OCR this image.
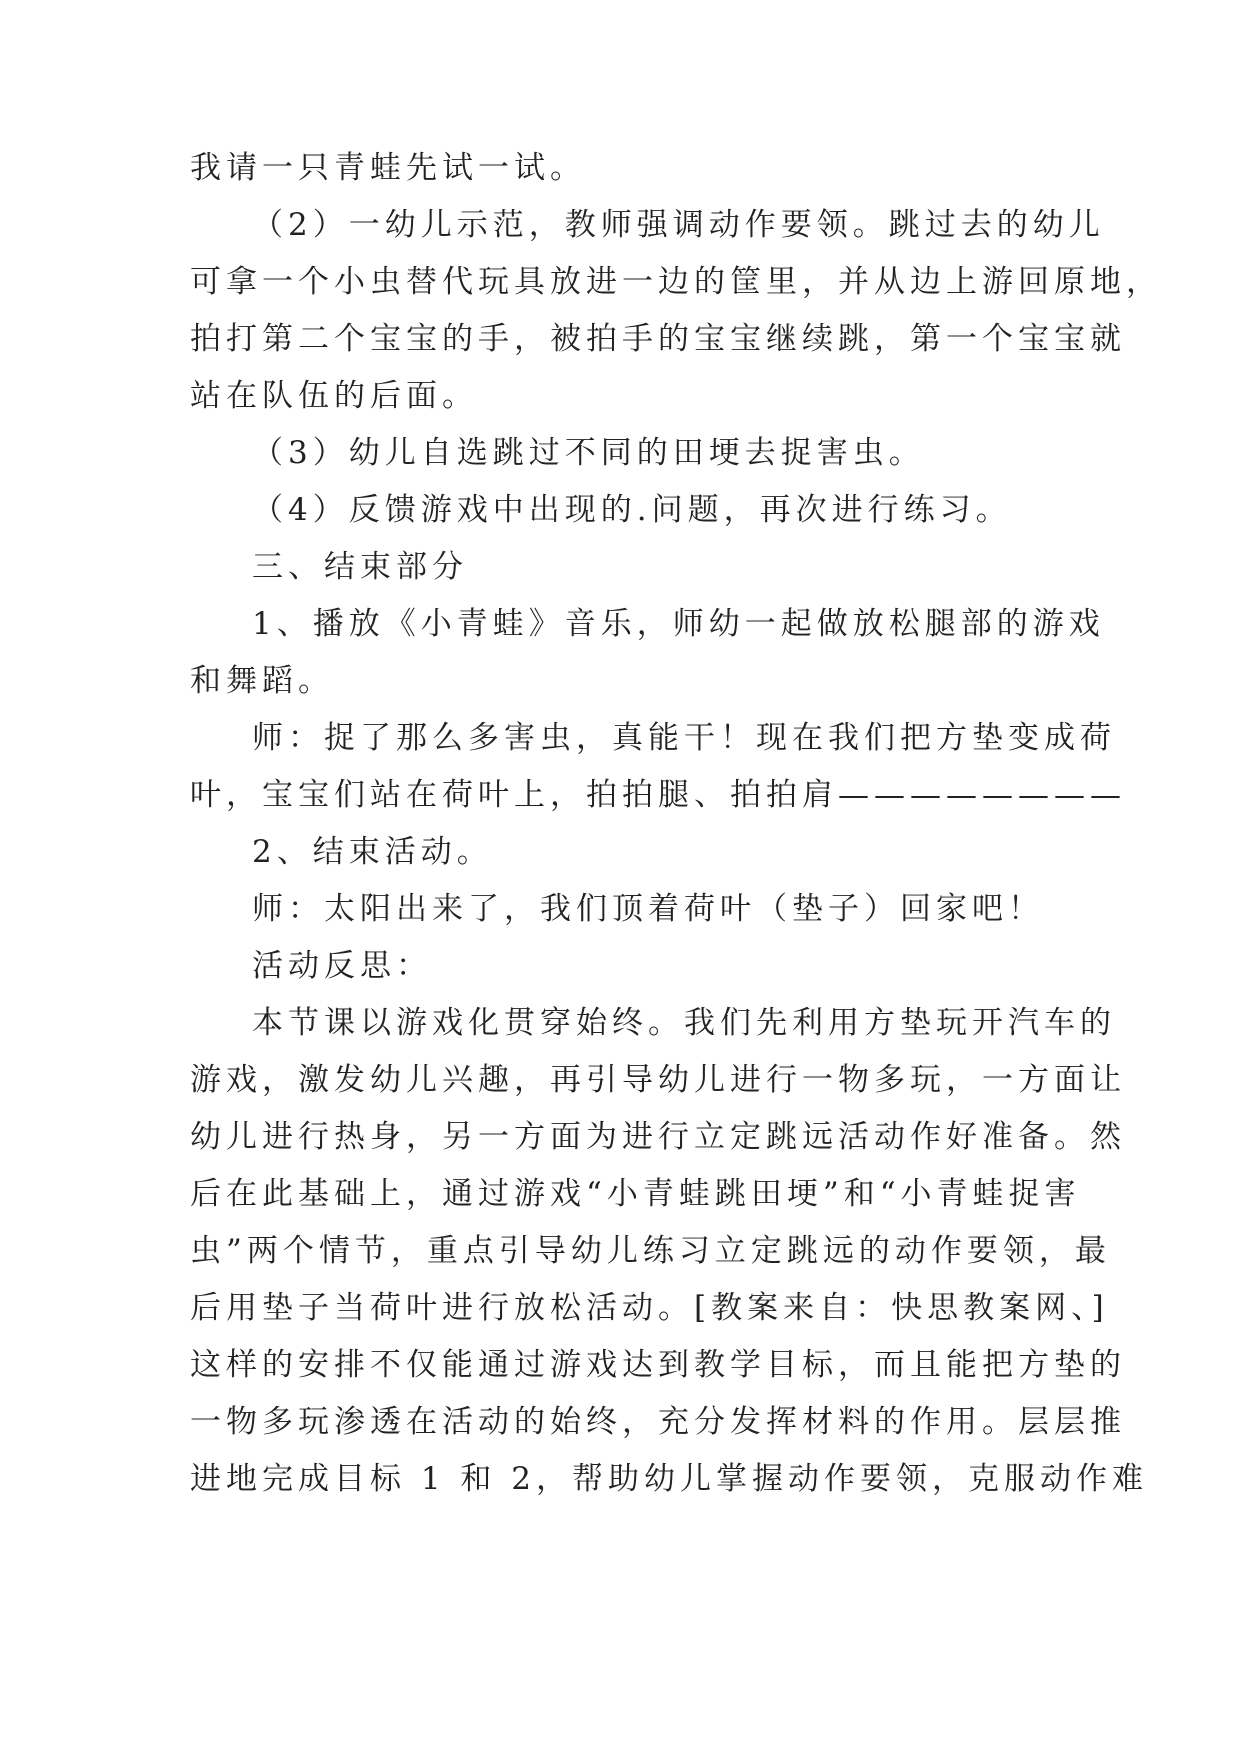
我请一只青蛙先试一试。
（2）一幼儿示范，教师强调动作要领。跳过去的幼儿
可拿一个小虫替代玩具放进一边的筐里，并从边上游回原地，
拍打第二个宝宝的手，被拍手的宝宝继续跳，第一个宝宝就
站在队伍的后面。
（3）幼儿自选跳过不同的田埂去捉害虫。
（4）反馈游戏中出现的.问题，再次进行练习。
三、结束部分
1、播放《小青蛙》音乐，师幼一起做放松腿部的游戏
和舞蹈。
师：捉了那么多害虫，真能干！现在我们把方垫变成荷
叶，宝宝们站在荷叶上，拍拍腿、拍拍肩————————
2、结束活动。
师：太阳出来了，我们顶着荷叶（垫子）回家吧！
活动反思：
本节课以游戏化贯穿始终。我们先利用方垫玩开汽车的
游戏，激发幼儿兴趣，再引导幼儿进行一物多玩，一方面让
幼儿进行热身，另一方面为进行立定跳远活动作好准备。然
后在此基础上，通过游戏“小青蛙跳田埂”和“小青蛙捉害
虫”两个情节，重点引导幼儿练习立定跳远的动作要领，最
后用垫子当荷叶进行放松活动。[教案来自：快思教案网、]
这样的安排不仅能通过游戏达到教学目标，而且能把方垫的
一物多玩渗透在活动的始终，充分发挥材料的作用。层层推
进地完成目标 1 和 2，帮助幼儿掌握动作要领，克服动作难
